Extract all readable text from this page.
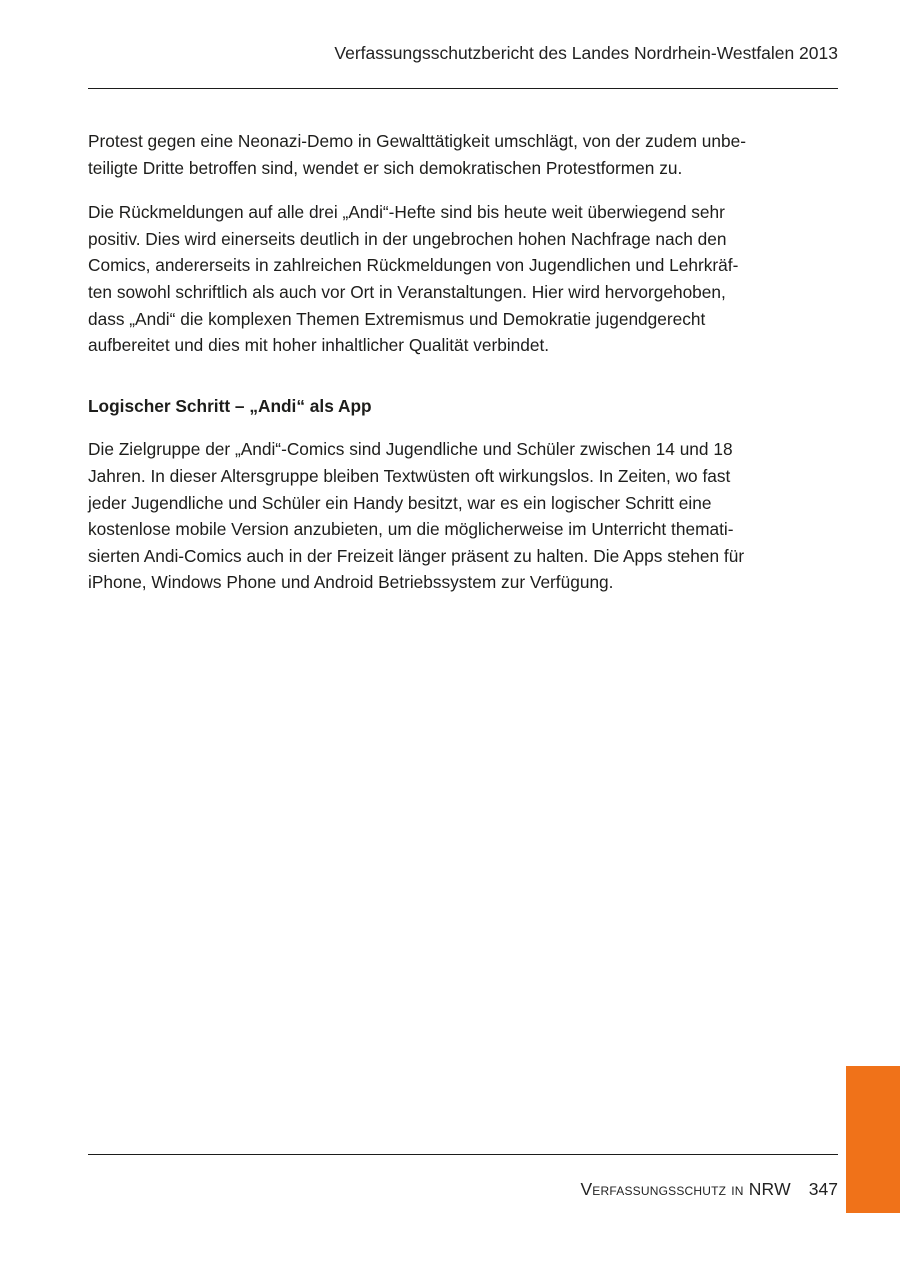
Verfassungsschutzbericht des Landes Nordrhein-Westfalen 2013

Protest gegen eine Neonazi-Demo in Gewalttätigkeit umschlägt, von der zudem unbe-
teiligte Dritte betroffen sind, wendet er sich demokratischen Protestformen zu.

Die Rückmeldungen auf alle drei „Andi“-Hefte sind bis heute weit überwiegend sehr
positiv. Dies wird einerseits deutlich in der ungebrochen hohen Nachfrage nach den
Comics, andererseits in zahlreichen Rückmeldungen von Jugendlichen und Lehrkräf-
ten sowohl schriftlich als auch vor Ort in Veranstaltungen. Hier wird hervorgehoben,
dass „Andi“ die komplexen Themen Extremismus und Demokratie jugendgerecht
aufbereitet und dies mit hoher inhaltlicher Qualität verbindet.

Logischer Schritt – „Andi“ als App

Die Zielgruppe der „Andi“-Comics sind Jugendliche und Schüler zwischen 14 und 18
Jahren. In dieser Altersgruppe bleiben Textwüsten oft wirkungslos. In Zeiten, wo fast
jeder Jugendliche und Schüler ein Handy besitzt, war es ein logischer Schritt eine
kostenlose mobile Version anzubieten, um die möglicherweise im Unterricht themati-
sierten Andi-Comics auch in der Freizeit länger präsent zu halten. Die Apps stehen für
iPhone, Windows Phone und Android Betriebssystem zur Verfügung.

Verfassungsschutz in NRW 347
